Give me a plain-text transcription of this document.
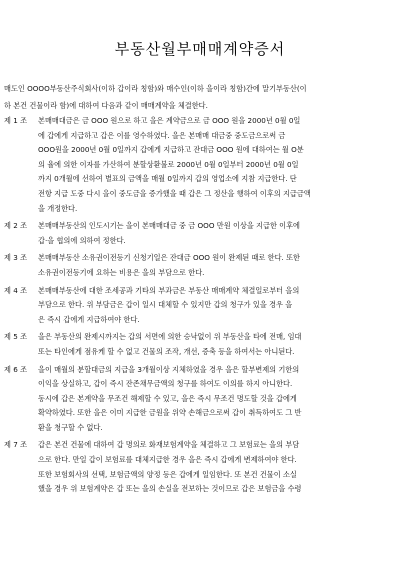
부동산월부매매계약증서
매도인 OOOO부동산주식회사(이하 갑이라 칭함)와 매수인(이하 을이라 칭함)간에 말기부동산(이
하 본건 건물이라 함)에 대하여 다음과 같이 매매계약을 체결한다.
제 1 조	본매매대금은 금 OOO 원으로 하고 을은 계약금으로 금 OOO 원을 2000년 0월 0일
에 갑에게 지급하고 갑은 이를 영수하였다. 을은 본매매 대금중 중도금으로써 금
OOO원을 2000년 0월 0일까지 갑에게 지급하고 잔대금 OOO 원에 대하여는 월 O분
의 율에 의한 이자를 가산하여 분할상환불로 2000년 0월 0일부터 2000년 0월 0일
까지 0개월에 선하여 별표의 금액을 매월 0일까지 갑의 영업소에 지참 지급한다. 단
전항 지급 도중 다시 을이 중도금을 증가했을 때 갑은 그 정산을 행하여 이후의 지급금액
을 개정한다.
제 2 조	본매매부동산의 인도시기는 을이 본매매대금 중 금 OOO 만원 이상을 지급한 이후에
갑·을 협의에 의하여 정한다.
제 3 조	본매매부동산 소유권이전등기 신청기일은 잔대금 OOO 원이 완제된 때로 한다. 또한
소유권이전등기에 요하는 비용은 을의 부담으로 한다.
제 4 조	본매매부동산에 대한 조세공과 기타의 부과금은 부동산 매매계약 체결일로부터 을의
부담으로 한다. 위 부담금은 갑이 일시 대체할 수 있지만 갑의 청구가 있을 경우 을
은 즉시 갑에게 지급하여야 한다.
제 5 조	을은 부동산의 완제시까지는 갑의 서면에 의한 승낙없이 위 부동산을 타에 전매, 임대
또는 타인에게 점유케 할 수 없고 건물의 조작, 개선, 증축 등을 하여서는 아니된다.
제 6 조	을이 매월의 분할대금의 지급을 3개월이상 지체하였을 경우 을은 할부변제의 기한의
이익을 상실하고, 갑이 즉시 잔존채무금액의 청구를 하여도 이의를 하지 아니한다.
동시에 갑은 본계약을 무조건 해제할 수 있고, 을은 즉시 무조건 명도할 것을 갑에게
확약하였다. 또한 을은 이미 지급한 금원을 위약 손해금으로써 갑이 취득하여도 그 반
환을 청구할 수 없다.
제 7 조	갑은 본건 건물에 대하여 갑 명의로 화재보험계약을 체결하고 그 보험료는 을의 부담
으로 한다. 만일 갑이 보험료를 대체지급한 경우 을은 즉시 갑에게 변제하여야 한다.
또한 보험회사의 선택, 보험금액의 양정 등은 갑에게 일임한다. 또 본건 건물이 소실
했을 경우 위 보험계약은 갑 또는 을의 손실을 전보하는 것이므로 갑은 보험금을 수령
